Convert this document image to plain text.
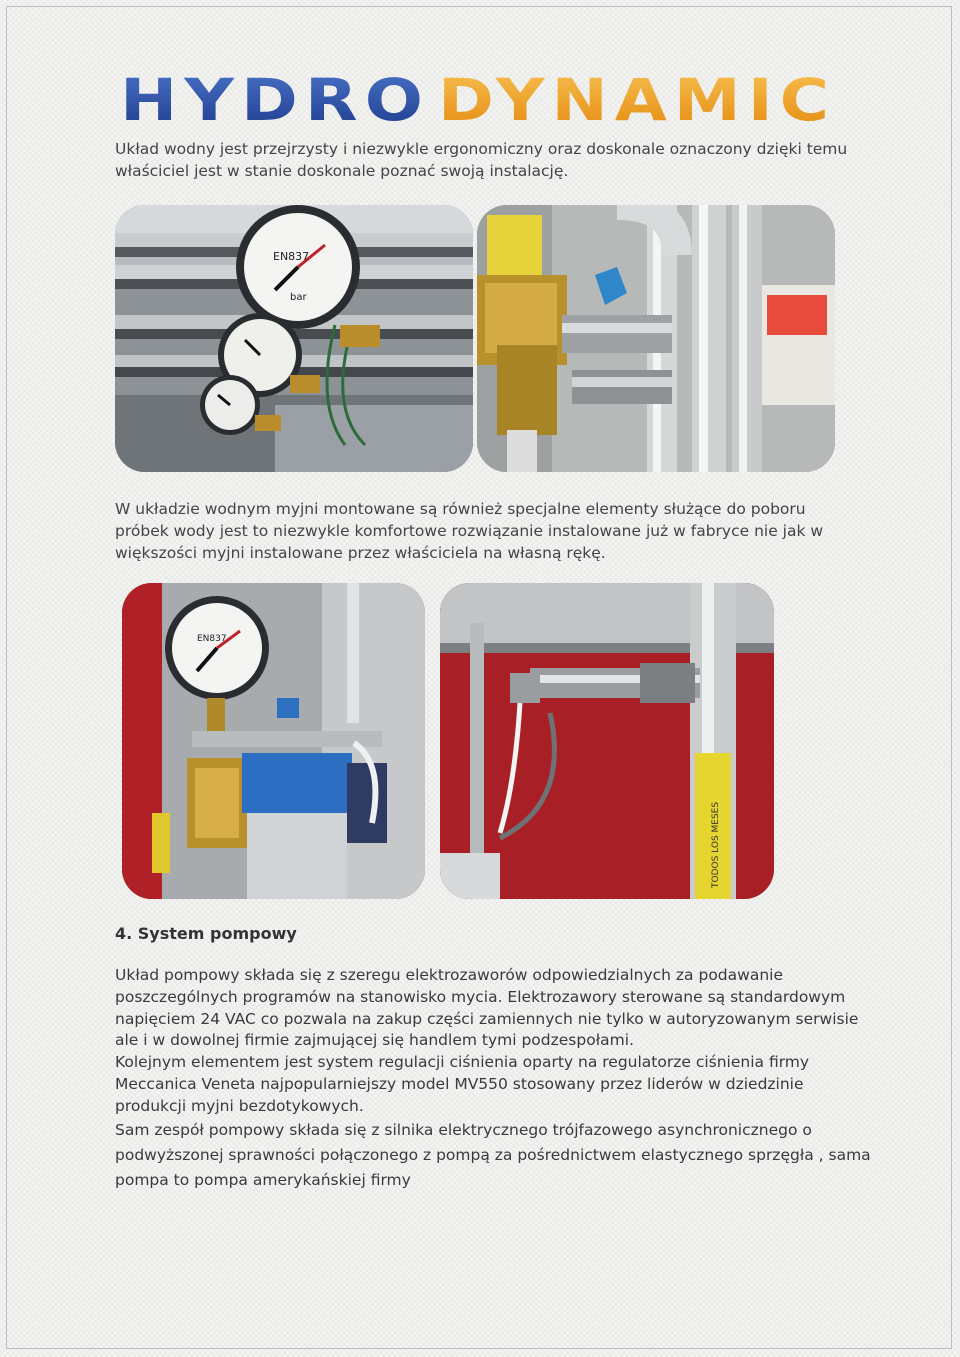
HYDRO DYNAMIC

Układ wodny jest przejrzysty i niezwykle ergonomiczny oraz doskonale oznaczony dzięki temu właściciel jest w stanie doskonale poznać swoją instalację.

EN837
bar

W układzie wodnym myjni montowane są również specjalne elementy służące do poboru próbek wody jest to niezwykle komfortowe rozwiązanie instalowane już w fabryce nie jak w większości myjni instalowane przez właściciela na własną rękę.

EN837
TODOS LOS MESES
4. System pompowy

Układ pompowy składa się z szeregu elektrozaworów odpowiedzialnych za podawanie poszczególnych programów na stanowisko mycia. Elektrozawory sterowane są standardowym napięciem 24 VAC co pozwala na zakup części zamiennych nie tylko w autoryzowanym serwisie ale i w dowolnej firmie zajmującej się handlem tymi podzespołami.

Kolejnym elementem jest system regulacji ciśnienia oparty na regulatorze ciśnienia firmy Meccanica Veneta najpopularniejszy model MV550 stosowany przez liderów w dziedzinie produkcji myjni bezdotykowych.

Sam zespół pompowy składa się z silnika elektrycznego trójfazowego asynchronicznego o podwyższonej sprawności połączonego z pompą za pośrednictwem elastycznego sprzęgła , sama pompa to pompa amerykańskiej firmy
